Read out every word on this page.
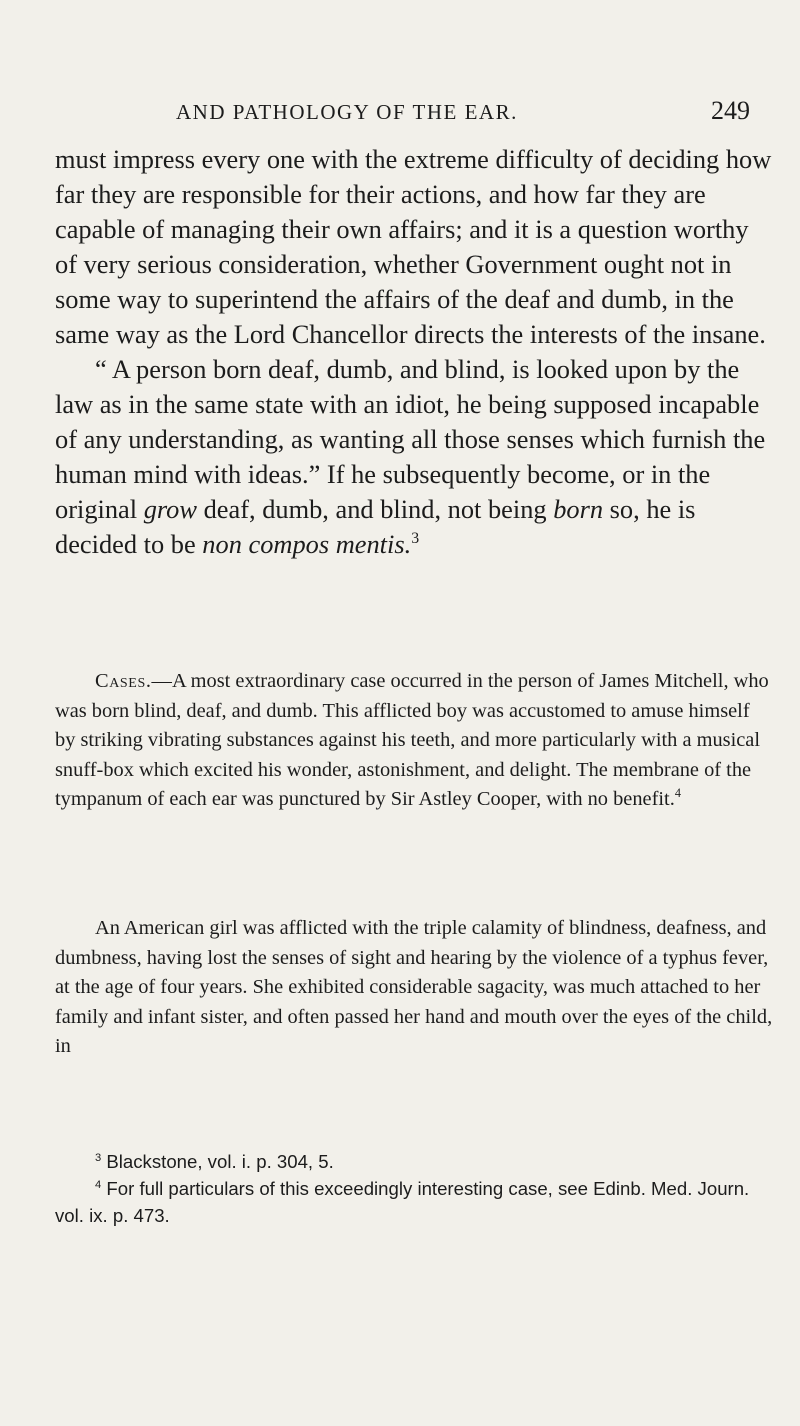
AND PATHOLOGY OF THE EAR.	249

must impress every one with the extreme difficulty of deciding how far they are responsible for their actions, and how far they are capable of managing their own affairs; and it is a question worthy of very serious consideration, whether Government ought not in some way to superintend the affairs of the deaf and dumb, in the same way as the Lord Chancellor directs the interests of the insane.

“ A person born deaf, dumb, and blind, is looked upon by the law as in the same state with an idiot, he being supposed incapable of any understanding, as wanting all those senses which furnish the human mind with ideas.” If he subsequently become, or in the original grow deaf, dumb, and blind, not being born so, he is decided to be non compos mentis.$^3$

Cases.—A most extraordinary case occurred in the person of James Mitchell, who was born blind, deaf, and dumb. This afflicted boy was accustomed to amuse himself by striking vibrating substances against his teeth, and more particularly with a musical snuff-box which excited his wonder, astonishment, and delight. The membrane of the tympanum of each ear was punctured by Sir Astley Cooper, with no benefit.$^4$

An American girl was afflicted with the triple calamity of blindness, deafness, and dumbness, having lost the senses of sight and hearing by the violence of a typhus fever, at the age of four years. She exhibited considerable sagacity, was much attached to her family and infant sister, and often passed her hand and mouth over the eyes of the child, in

$^3$ Blackstone, vol. i. p. 304, 5.

$^4$ For full particulars of this exceedingly interesting case, see Edinb. Med. Journ. vol. ix. p. 473.
